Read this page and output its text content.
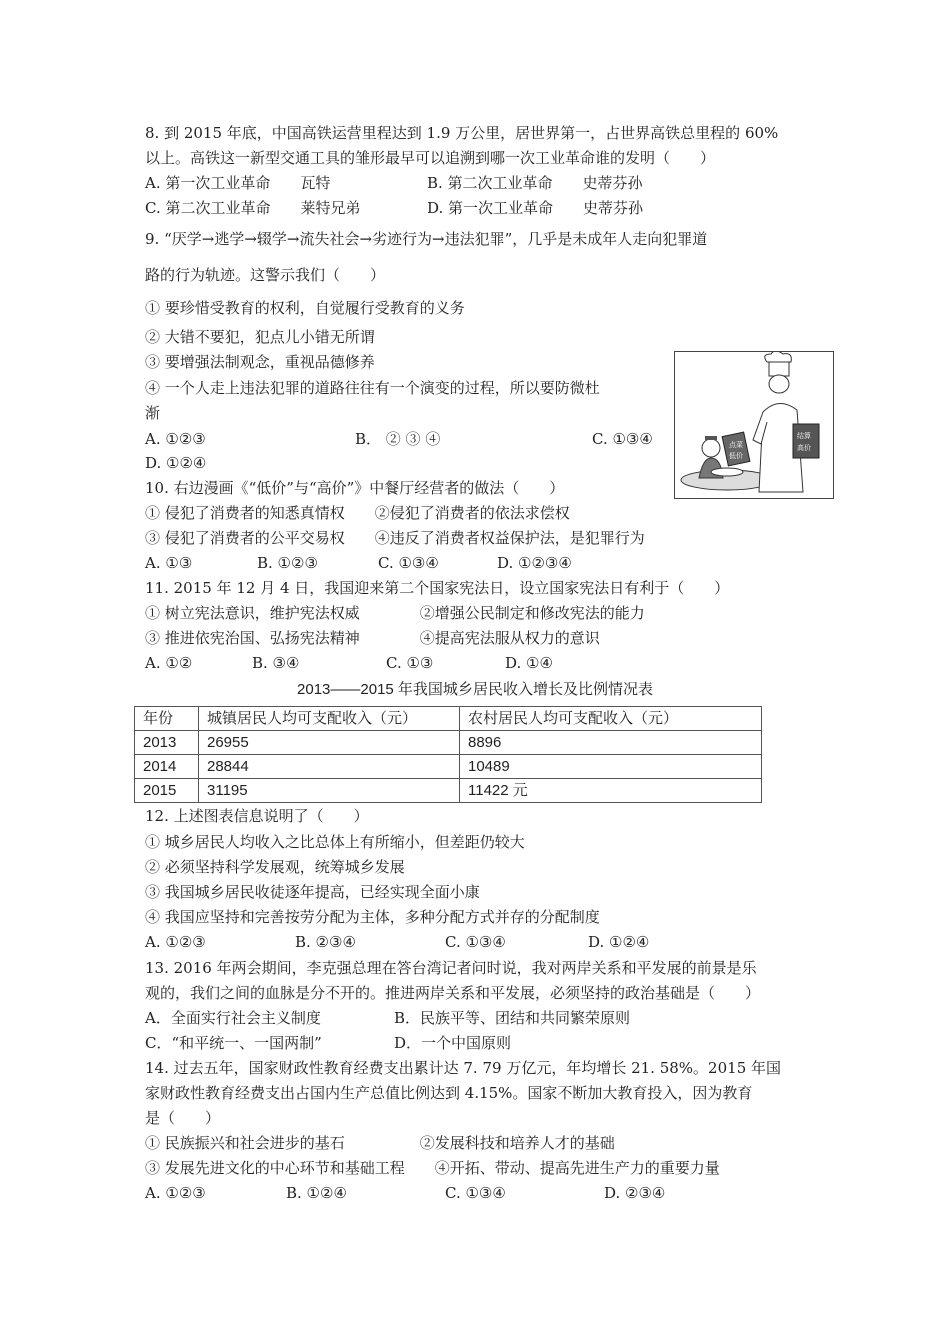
8. 到 2015 年底，中国高铁运营里程达到 1.9 万公里，居世界第一，占世界高铁总里程的 60%
以上。高铁这一新型交通工具的雏形最早可以追溯到哪一次工业革命谁的发明（　　）
A. 第一次工业革命　　瓦特	B. 第二次工业革命　　史蒂芬孙
C. 第二次工业革命　　莱特兄弟	D. 第一次工业革命　　史蒂芬孙
9. “厌学→逃学→辍学→流失社会→劣迹行为→违法犯罪”，几乎是未成年人走向犯罪道
路的行为轨迹。这警示我们（　　）
① 要珍惜受教育的权利，自觉履行受教育的义务
② 大错不要犯，犯点儿小错无所谓
③ 要增强法制观念，重视品德修养
④ 一个人走上违法犯罪的道路往往有一个演变的过程，所以要防微杜
渐
A. ①②③	B． ② ③ ④	C. ①③④
D. ①②④
点菜
低价
结算
高价
10. 右边漫画《“低价”与“高价”》中餐厅经营者的做法（　　）
① 侵犯了消费者的知悉真情权　　②侵犯了消费者的依法求偿权
③ 侵犯了消费者的公平交易权　　④违反了消费者权益保护法，是犯罪行为
A. ①③	B. ①②③	C. ①③④	D. ①②③④
11. 2015 年 12 月 4 日，我国迎来第二个国家宪法日，设立国家宪法日有利于（　　）
① 树立宪法意识，维护宪法权威　　　　②增强公民制定和修改宪法的能力
③ 推进依宪治国、弘扬宪法精神　　　　④提高宪法服从权力的意识
A. ①②	B. ③④	C. ①③	D. ①④
2013——2015 年我国城乡居民收入增长及比例情况表
年份	城镇居民人均可支配收入（元）	农村居民人均可支配收入（元）
2013	26955	8896
2014	28844	10489
2015	31195	11422 元
12. 上述图表信息说明了（　　）
① 城乡居民人均收入之比总体上有所缩小，但差距仍较大
② 必须坚持科学发展观，统筹城乡发展
③ 我国城乡居民收徒逐年提高，已经实现全面小康
④ 我国应坚持和完善按劳分配为主体，多种分配方式并存的分配制度
A. ①②③	B. ②③④	C. ①③④	D. ①②④
13. 2016 年两会期间，李克强总理在答台湾记者问时说，我对两岸关系和平发展的前景是乐
观的，我们之间的血脉是分不开的。推进两岸关系和平发展，必须坚持的政治基础是（　　）
A．全面实行社会主义制度	B．民族平等、团结和共同繁荣原则
C．“和平统一、一国两制”	D．一个中国原则
14. 过去五年，国家财政性教育经费支出累计达 7. 79 万亿元，年均增长 21. 58%。2015 年国
家财政性教育经费支出占国内生产总值比例达到 4.15%。国家不断加大教育投入，因为教育
是（　　）
① 民族振兴和社会进步的基石　　　　　②发展科技和培养人才的基础
③ 发展先进文化的中心环节和基础工程　　④开拓、带动、提高先进生产力的重要力量
A. ①②③	B. ①②④	C. ①③④	D. ②③④
